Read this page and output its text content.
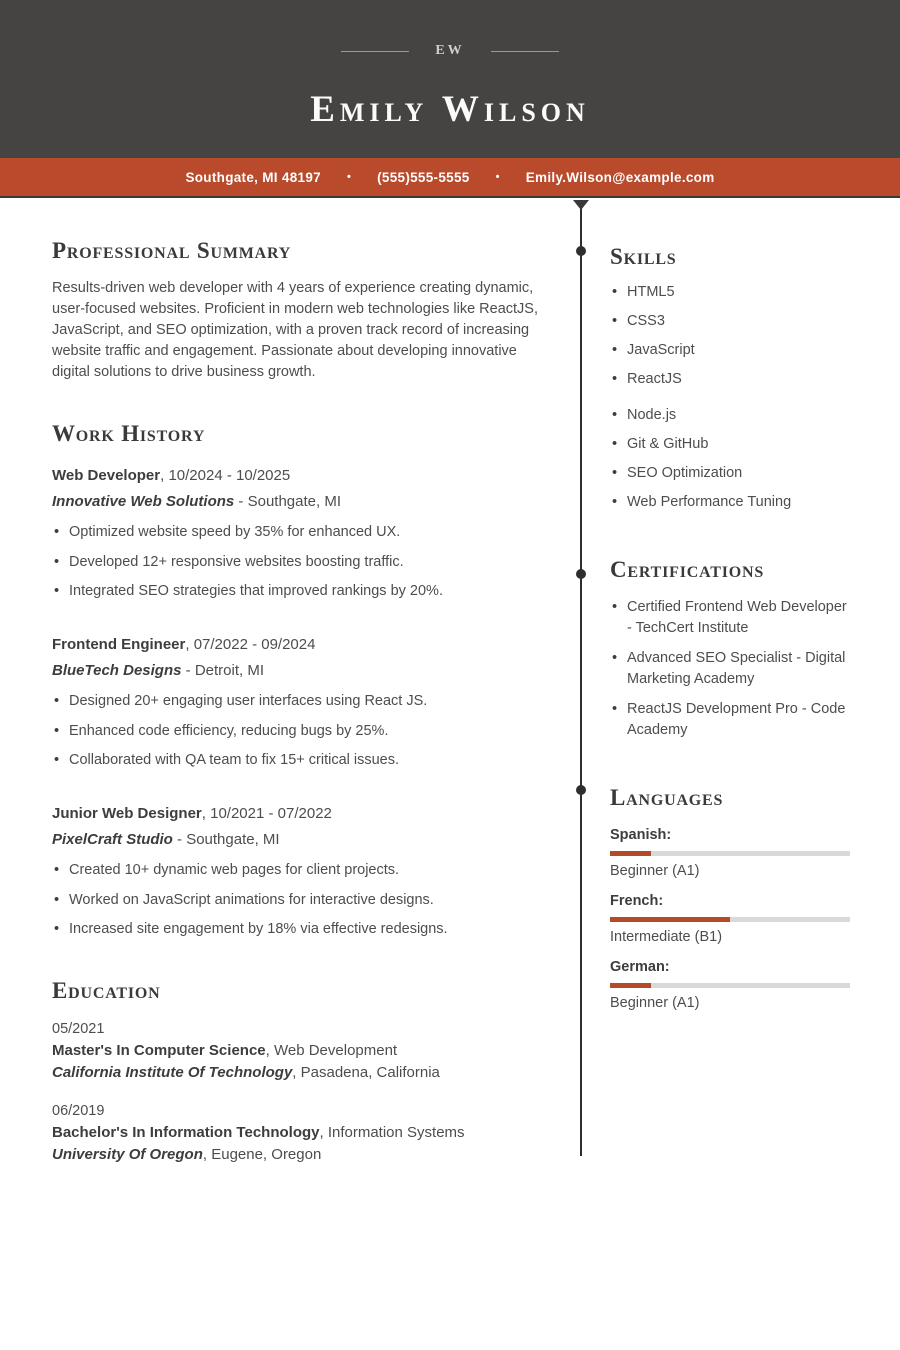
EW
Emily Wilson
Southgate, MI 48197 • (555)555-5555 • Emily.Wilson@example.com
Professional Summary

Results-driven web developer with 4 years of experience creating dynamic, user-focused websites. Proficient in modern web technologies like ReactJS, JavaScript, and SEO optimization, with a proven track record of increasing website traffic and engagement. Passionate about developing innovative digital solutions to drive business growth.

Work History
Web Developer, 10/2024 - 10/2025
Innovative Web Solutions - Southgate, MI
• Optimized website speed by 35% for enhanced UX.
• Developed 12+ responsive websites boosting traffic.
• Integrated SEO strategies that improved rankings by 20%.
Frontend Engineer, 07/2022 - 09/2024
BlueTech Designs - Detroit, MI
• Designed 20+ engaging user interfaces using React JS.
• Enhanced code efficiency, reducing bugs by 25%.
• Collaborated with QA team to fix 15+ critical issues.
Junior Web Designer, 10/2021 - 07/2022
PixelCraft Studio - Southgate, MI
• Created 10+ dynamic web pages for client projects.
• Worked on JavaScript animations for interactive designs.
• Increased site engagement by 18% via effective redesigns.
Education
05/2021
Master's In Computer Science, Web Development
California Institute Of Technology, Pasadena, California
06/2019
Bachelor's In Information Technology, Information Systems
University Of Oregon, Eugene, Oregon
Skills
• HTML5
• CSS3
• JavaScript
• ReactJS
• Node.js
• Git & GitHub
• SEO Optimization
• Web Performance Tuning
Certifications
• Certified Frontend Web Developer - TechCert Institute
• Advanced SEO Specialist - Digital Marketing Academy
• ReactJS Development Pro - Code Academy
Languages
Spanish:
Beginner (A1)
French:
Intermediate (B1)
German:
Beginner (A1)
